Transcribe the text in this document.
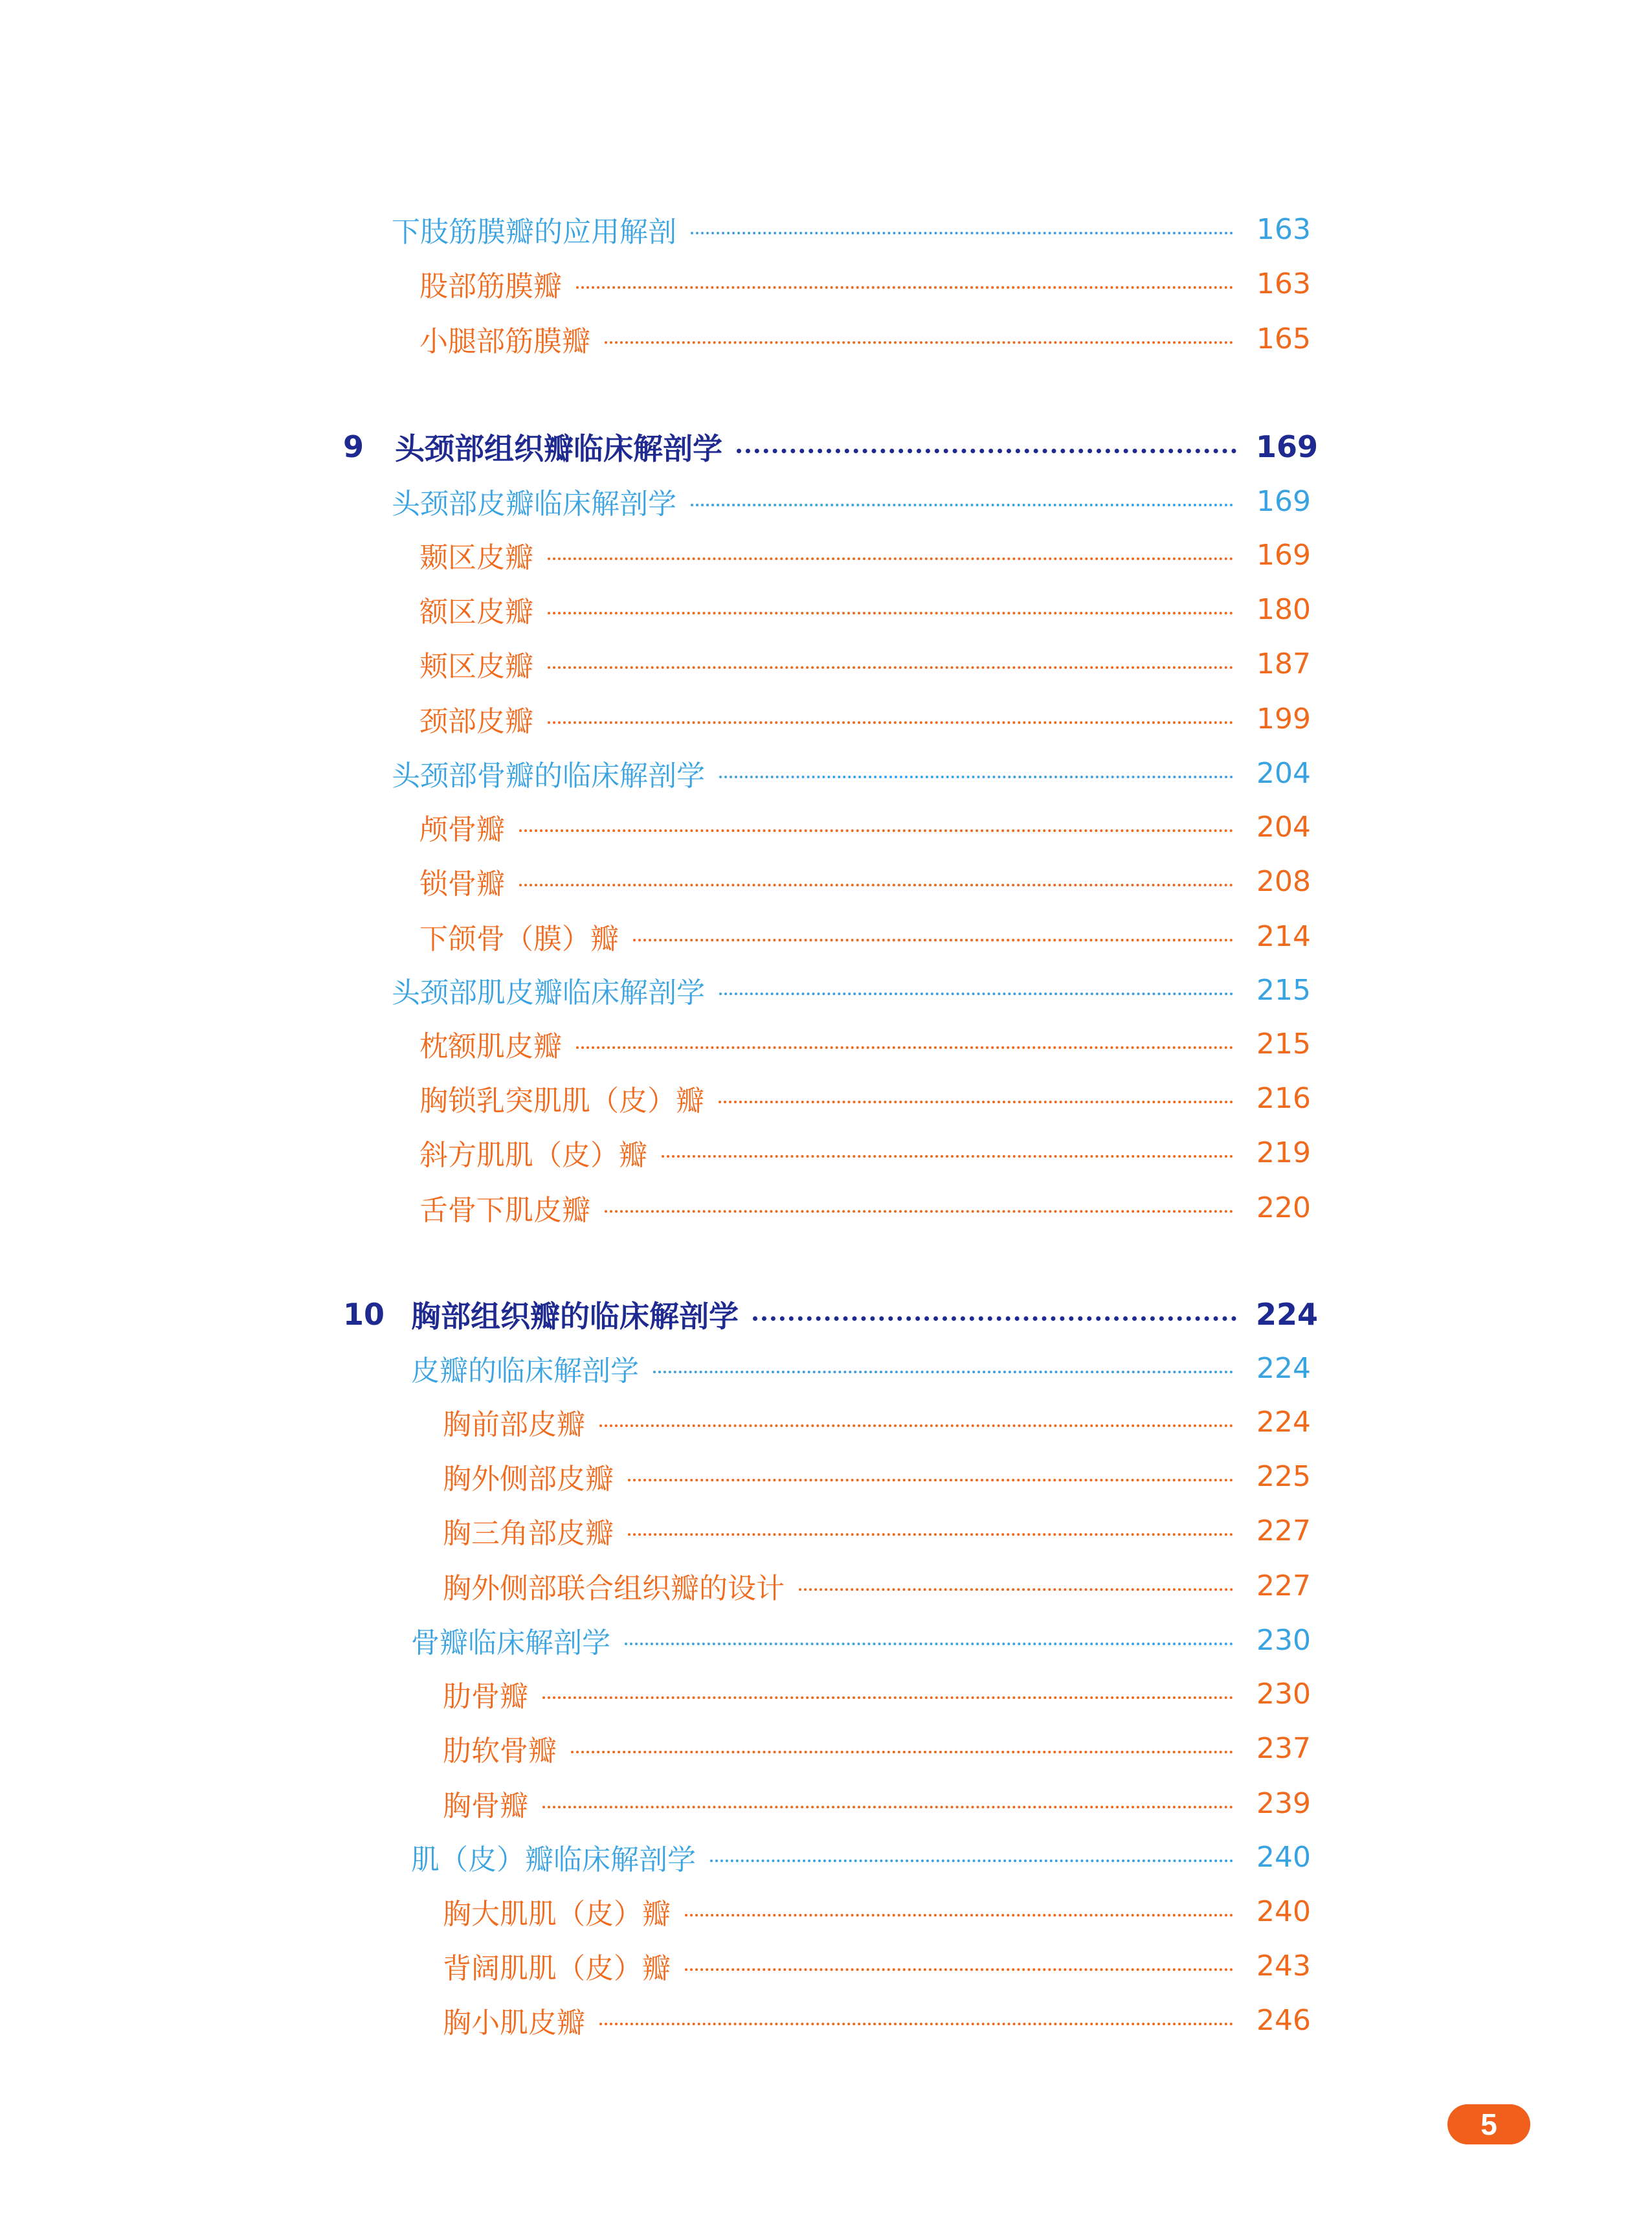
下肢筋膜瓣的应用解剖	163
股部筋膜瓣	163
小腿部筋膜瓣	165
9	头颈部组织瓣临床解剖学	169
头颈部皮瓣临床解剖学	169
颞区皮瓣	169
额区皮瓣	180
颊区皮瓣	187
颈部皮瓣	199
头颈部骨瓣的临床解剖学	204
颅骨瓣	204
锁骨瓣	208
下颌骨（膜）瓣	214
头颈部肌皮瓣临床解剖学	215
枕额肌皮瓣	215
胸锁乳突肌肌（皮）瓣	216
斜方肌肌（皮）瓣	219
舌骨下肌皮瓣	220
10 胸部组织瓣的临床解剖学	224
皮瓣的临床解剖学	224
胸前部皮瓣	224
胸外侧部皮瓣	225
胸三角部皮瓣	227
胸外侧部联合组织瓣的设计	227
骨瓣临床解剖学	230
肋骨瓣	230
肋软骨瓣	237
胸骨瓣	239
肌（皮）瓣临床解剖学	240
胸大肌肌（皮）瓣	240
背阔肌肌（皮）瓣	243
胸小肌皮瓣	246
5
